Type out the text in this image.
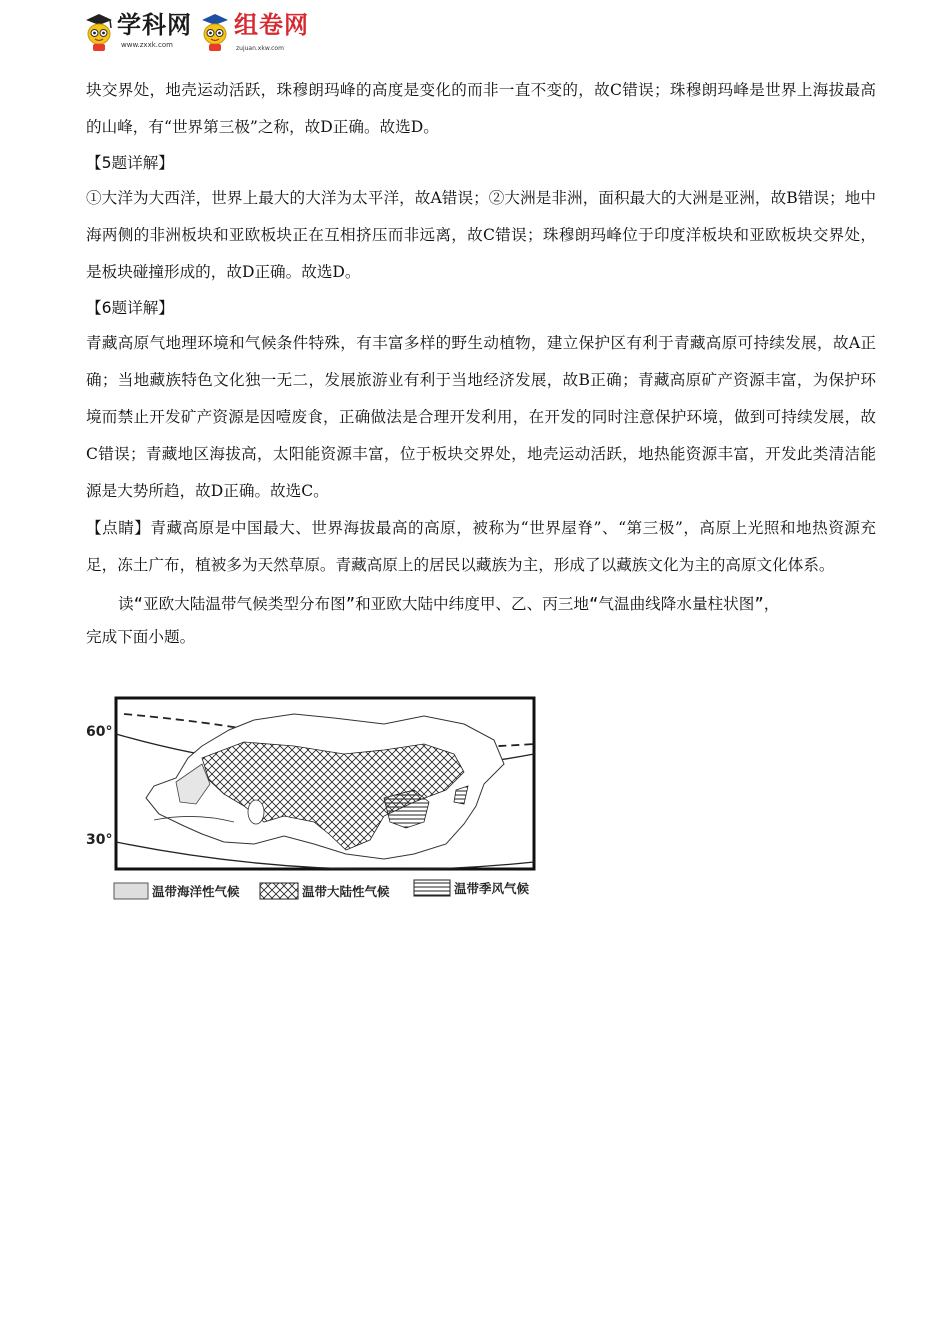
学科网
www.zxxk.com
组卷网
zujuan.xkw.com

块交界处，地壳运动活跃，珠穆朗玛峰的高度是变化的而非一直不变的，故C错误；珠穆朗玛峰是世界上海拔最高的山峰，有“世界第三极”之称，故D正确。故选D。

【5题详解】

①大洋为大西洋，世界上最大的大洋为太平洋，故A错误；②大洲是非洲，面积最大的大洲是亚洲，故B错误；地中海两侧的非洲板块和亚欧板块正在互相挤压而非远离，故C错误；珠穆朗玛峰位于印度洋板块和亚欧板块交界处，是板块碰撞形成的，故D正确。故选D。

【6题详解】

青藏高原气地理环境和气候条件特殊，有丰富多样的野生动植物，建立保护区有利于青藏高原可持续发展，故A正确；当地藏族特色文化独一无二，发展旅游业有利于当地经济发展，故B正确；青藏高原矿产资源丰富，为保护环境而禁止开发矿产资源是因噎废食，正确做法是合理开发利用，在开发的同时注意保护环境，做到可持续发展，故C错误；青藏地区海拔高，太阳能资源丰富，位于板块交界处，地壳运动活跃，地热能资源丰富，开发此类清洁能源是大势所趋，故D正确。故选C。

【点睛】青藏高原是中国最大、世界海拔最高的高原，被称为“世界屋脊”、“第三极”，高原上光照和地热资源充足，冻土广布，植被多为天然草原。青藏高原上的居民以藏族为主，形成了以藏族文化为主的高原文化体系。

读“亚欧大陆温带气候类型分布图”和亚欧大陆中纬度甲、乙、丙三地“气温曲线降水量柱状图”，

完成下面小题。

60°
30°
温带海洋性气候	温带大陆性气候	温带季风气候
